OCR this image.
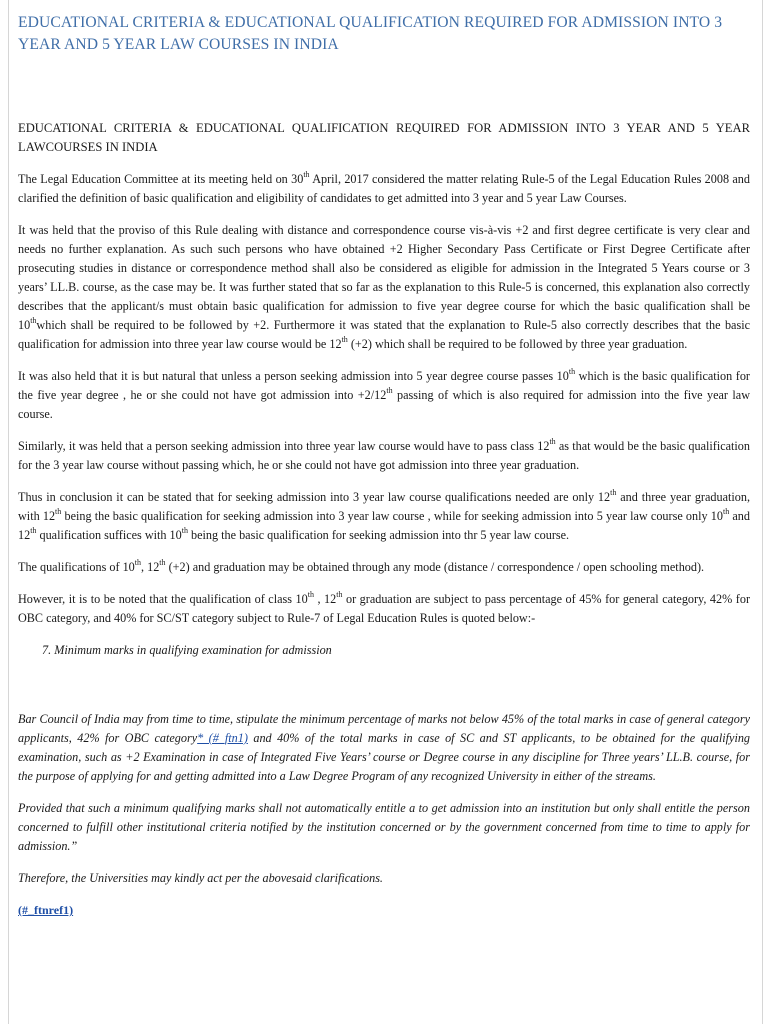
EDUCATIONAL CRITERIA & EDUCATIONAL QUALIFICATION REQUIRED FOR ADMISSION INTO 3 YEAR AND 5 YEAR LAW COURSES IN INDIA
EDUCATIONAL CRITERIA & EDUCATIONAL QUALIFICATION REQUIRED FOR ADMISSION INTO 3 YEAR AND 5 YEAR LAWCOURSES IN INDIA

The Legal Education Committee at its meeting held on 30th April, 2017 considered the matter relating Rule-5 of the Legal Education Rules 2008 and clarified the definition of basic qualification and eligibility of candidates to get admitted into 3 year and 5 year Law Courses.

It was held that the proviso of this Rule dealing with distance and correspondence course vis-à-vis +2 and first degree certificate is very clear and needs no further explanation. As such such persons who have obtained +2 Higher Secondary Pass Certificate or First Degree Certificate after prosecuting studies in distance or correspondence method shall also be considered as eligible for admission in the Integrated 5 Years course or 3 years’ LL.B. course, as the case may be. It was further stated that so far as the explanation to this Rule-5 is concerned, this explanation also correctly describes that the applicant/s must obtain basic qualification for admission to five year degree course for which the basic qualification shall be 10thwhich shall be required to be followed by +2. Furthermore it was stated that the explanation to Rule-5 also correctly describes that the basic qualification for admission into three year law course would be 12th (+2) which shall be required to be followed by three year graduation.

It was also held that it is but natural that unless a person seeking admission into 5 year degree course passes 10th which is the basic qualification for the five year degree , he or she could not have got admission into +2/12th passing of which is also required for admission into the five year law course.

Similarly, it was held that a person seeking admission into three year law course would have to pass class 12th as that would be the basic qualification for the 3 year law course without passing which, he or she could not have got admission into three year graduation.

Thus in conclusion it can be stated that for seeking admission into 3 year law course qualifications needed are only 12th and three year graduation, with 12th being the basic qualification for seeking admission into 3 year law course , while for seeking admission into 5 year law course only 10th and 12th qualification suffices with 10th being the basic qualification for seeking admission into thr 5 year law course.

The qualifications of 10th, 12th (+2) and graduation may be obtained through any mode (distance / correspondence / open schooling method).

However, it is to be noted that the qualification of class 10th , 12th or graduation are subject to pass percentage of 45% for general category, 42% for OBC category, and 40% for SC/ST category subject to Rule-7 of Legal Education Rules is quoted below:-

7. Minimum marks in qualifying examination for admission

Bar Council of India may from time to time, stipulate the minimum percentage of marks not below 45% of the total marks in case of general category applicants, 42% for OBC category* (#_ftn1) and 40% of the total marks in case of SC and ST applicants, to be obtained for the qualifying examination, such as +2 Examination in case of Integrated Five Years’ course or Degree course in any discipline for Three years’ LL.B. course, for the purpose of applying for and getting admitted into a Law Degree Program of any recognized University in either of the streams.

Provided that such a minimum qualifying marks shall not automatically entitle a to get admission into an institution but only shall entitle the person concerned to fulfill other institutional criteria notified by the institution concerned or by the government concerned from time to time to apply for admission.”

Therefore, the Universities may kindly act per the abovesaid clarifications.

(#_ftnref1)
